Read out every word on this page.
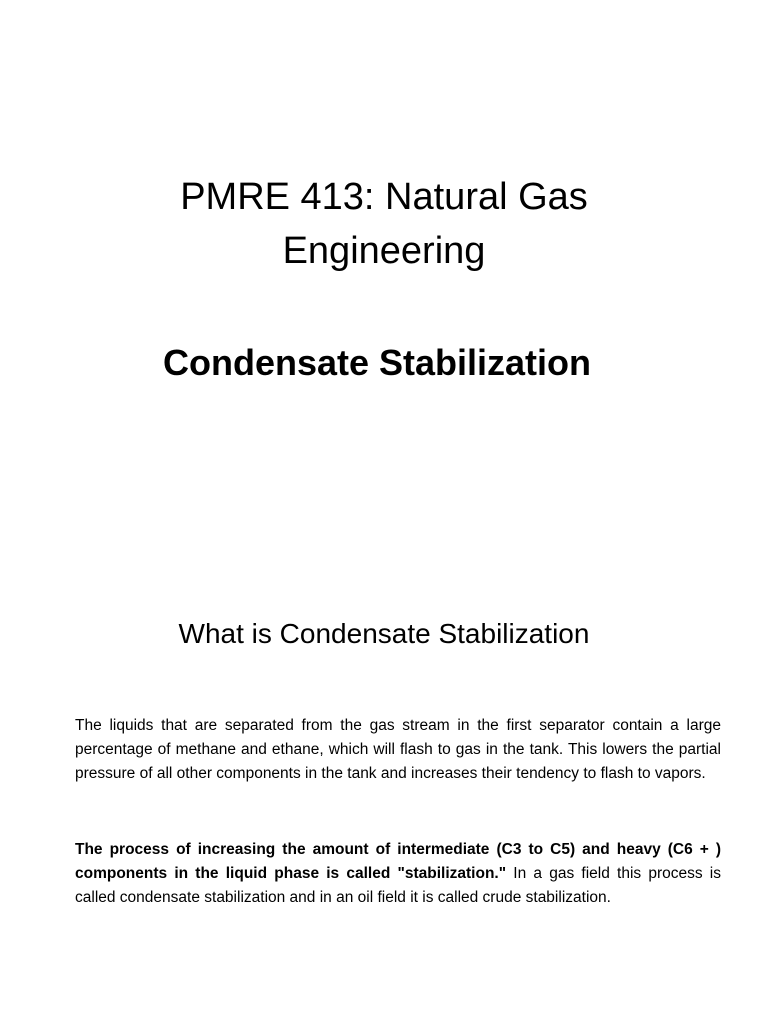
PMRE 413: Natural Gas
Engineering
Condensate Stabilization
What is Condensate Stabilization

The liquids that are separated from the gas stream in the first separator contain a large percentage of methane and ethane, which will flash to gas in the tank. This lowers the partial pressure of all other components in the tank and increases their tendency to flash to vapors.

The process of increasing the amount of intermediate (C3 to C5) and heavy (C6 + ) components in the liquid phase is called "stabilization." In a gas field this process is called condensate stabilization and in an oil field it is called crude stabilization.
